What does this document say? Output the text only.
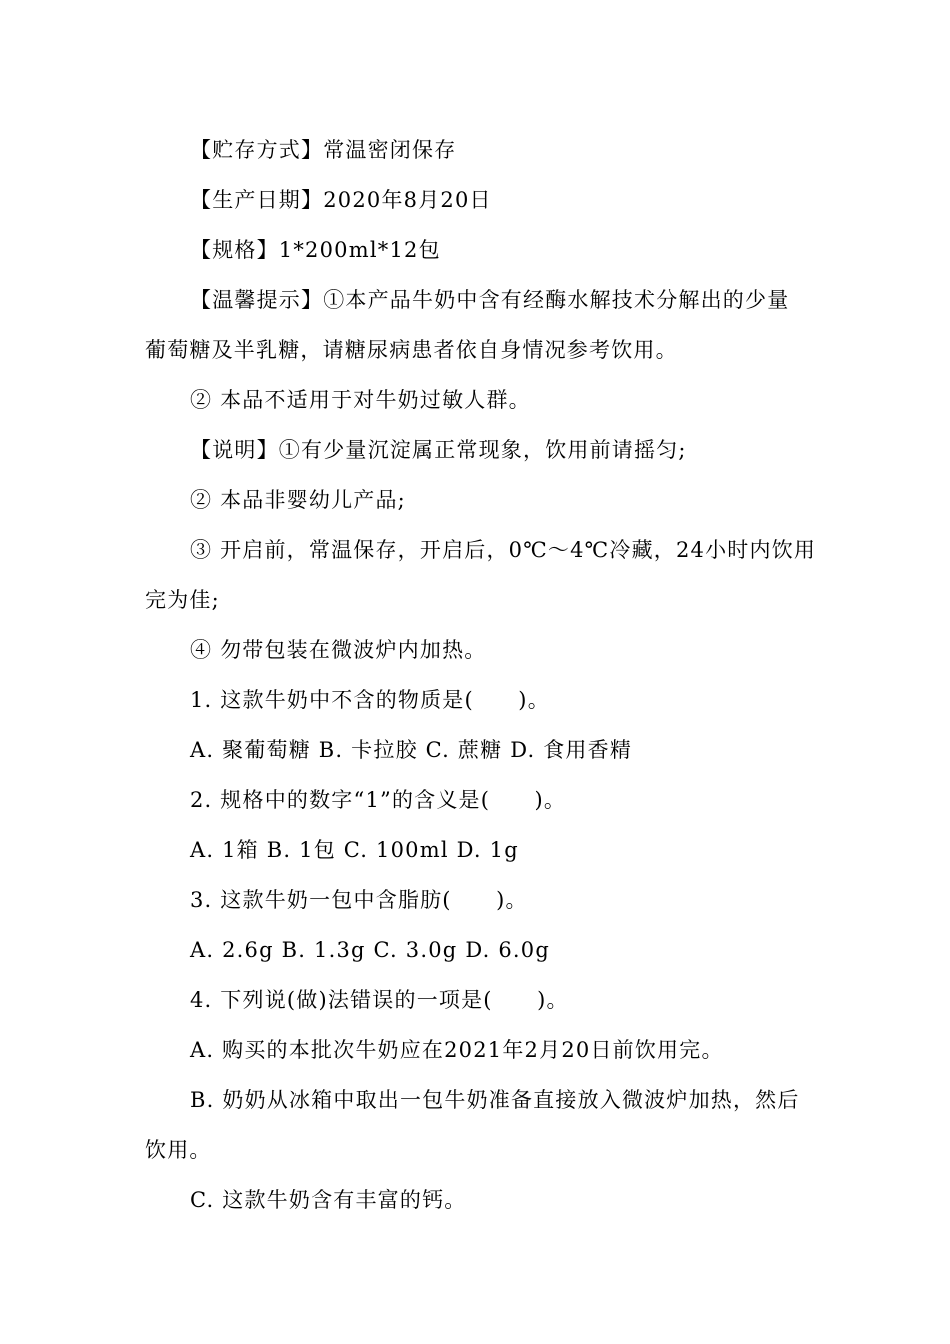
【贮存方式】常温密闭保存
【生产日期】2020年8月20日
【规格】1*200ml*12包
【温馨提示】①本产品牛奶中含有经酶水解技术分解出的少量
葡萄糖及半乳糖，请糖尿病患者依自身情况参考饮用。
② 本品不适用于对牛奶过敏人群。
【说明】①有少量沉淀属正常现象，饮用前请摇匀;
② 本品非婴幼儿产品;
③ 开启前，常温保存，开启后，0℃～4℃冷藏，24小时内饮用
完为佳;
④ 勿带包装在微波炉内加热。
1. 这款牛奶中不含的物质是(　　)。
A. 聚葡萄糖 B. 卡拉胶 C. 蔗糖 D. 食用香精
2. 规格中的数字“1”的含义是(　　)。
A. 1箱 B. 1包 C. 100ml D. 1g
3. 这款牛奶一包中含脂肪(　　)。
A. 2.6g B. 1.3g C. 3.0g D. 6.0g
4. 下列说(做)法错误的一项是(　　)。
A. 购买的本批次牛奶应在2021年2月20日前饮用完。
B. 奶奶从冰箱中取出一包牛奶准备直接放入微波炉加热，然后
饮用。
C. 这款牛奶含有丰富的钙。
